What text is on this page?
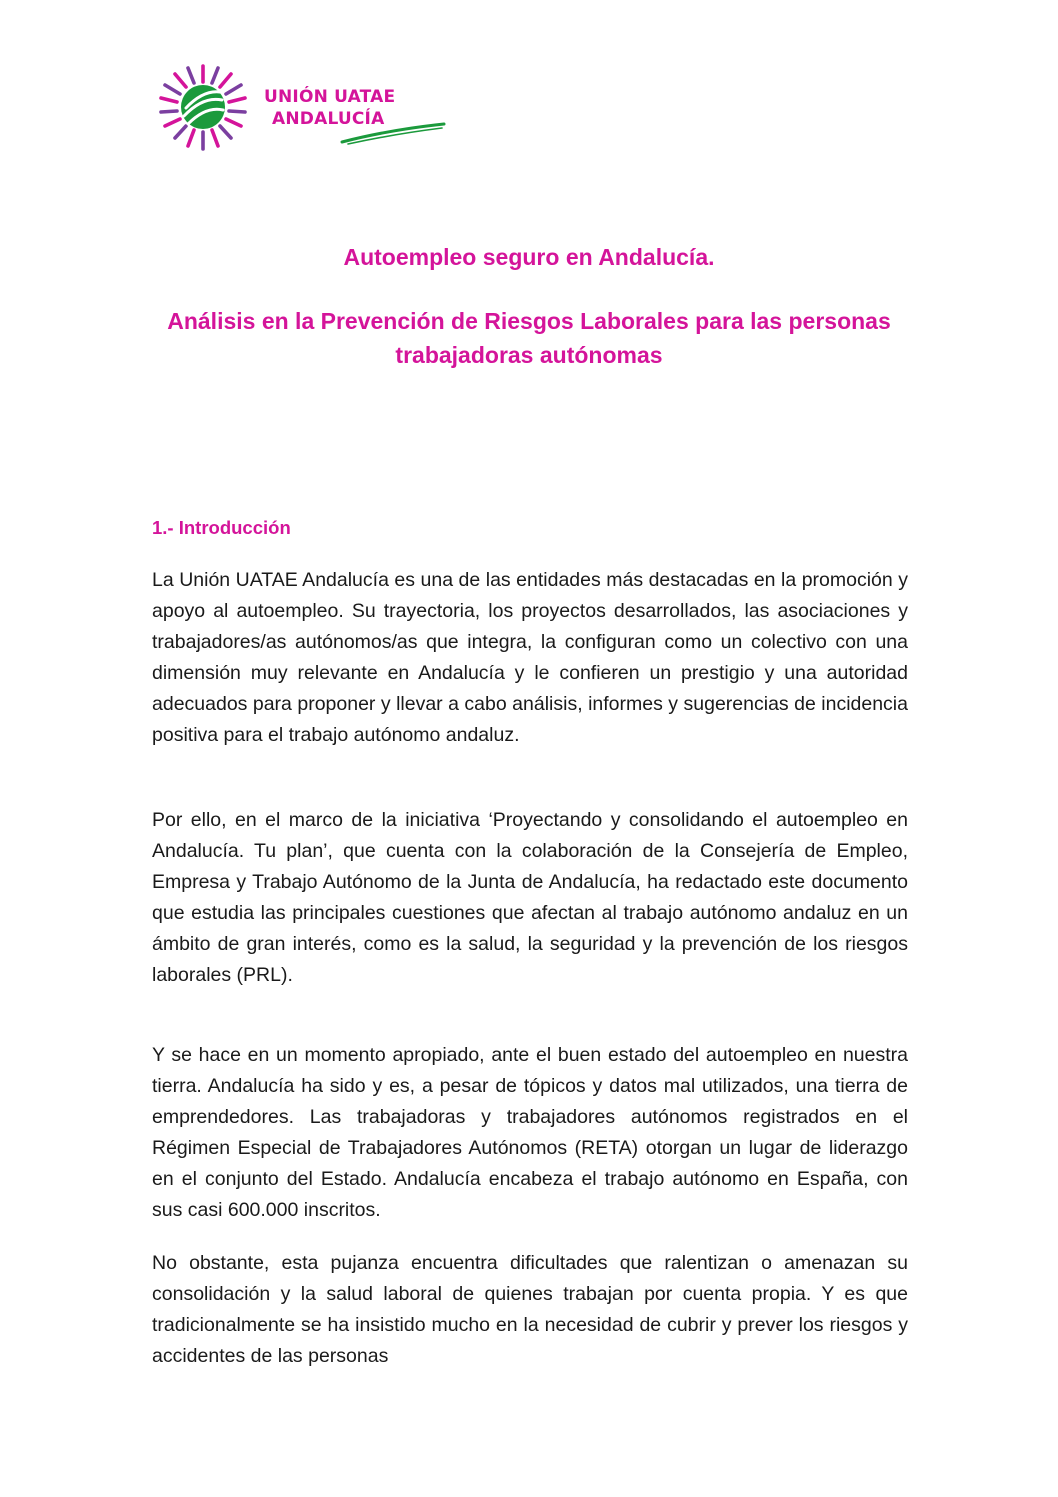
UNIÓN UATAE
ANDALUCÍA
Autoempleo seguro en Andalucía.
Análisis en la Prevención de Riesgos Laborales para las personas trabajadoras autónomas
1.- Introducción

La Unión UATAE Andalucía es una de las entidades más destacadas en la promoción y apoyo al autoempleo. Su trayectoria, los proyectos desarrollados, las asociaciones y trabajadores/as autónomos/as que integra, la configuran como un colectivo con una dimensión muy relevante en Andalucía y le confieren un prestigio y una autoridad adecuados para proponer y llevar a cabo análisis, informes y sugerencias de incidencia positiva para el trabajo autónomo andaluz.

Por ello, en el marco de la iniciativa ‘Proyectando y consolidando el autoempleo en Andalucía. Tu plan’, que cuenta con la colaboración de la Consejería de Empleo, Empresa y Trabajo Autónomo de la Junta de Andalucía, ha redactado este documento que estudia las principales cuestiones que afectan al trabajo autónomo andaluz en un ámbito de gran interés, como es la salud, la seguridad y la prevención de los riesgos laborales (PRL).

Y se hace en un momento apropiado, ante el buen estado del autoempleo en nuestra tierra. Andalucía ha sido y es, a pesar de tópicos y datos mal utilizados, una tierra de emprendedores. Las trabajadoras y trabajadores autónomos registrados en el Régimen Especial de Trabajadores Autónomos (RETA) otorgan un lugar de liderazgo en el conjunto del Estado. Andalucía encabeza el trabajo autónomo en España, con sus casi 600.000 inscritos.

No obstante, esta pujanza encuentra dificultades que ralentizan o amenazan su consolidación y la salud laboral de quienes trabajan por cuenta propia. Y es que tradicionalmente se ha insistido mucho en la necesidad de cubrir y prever los riesgos y accidentes de las personas
